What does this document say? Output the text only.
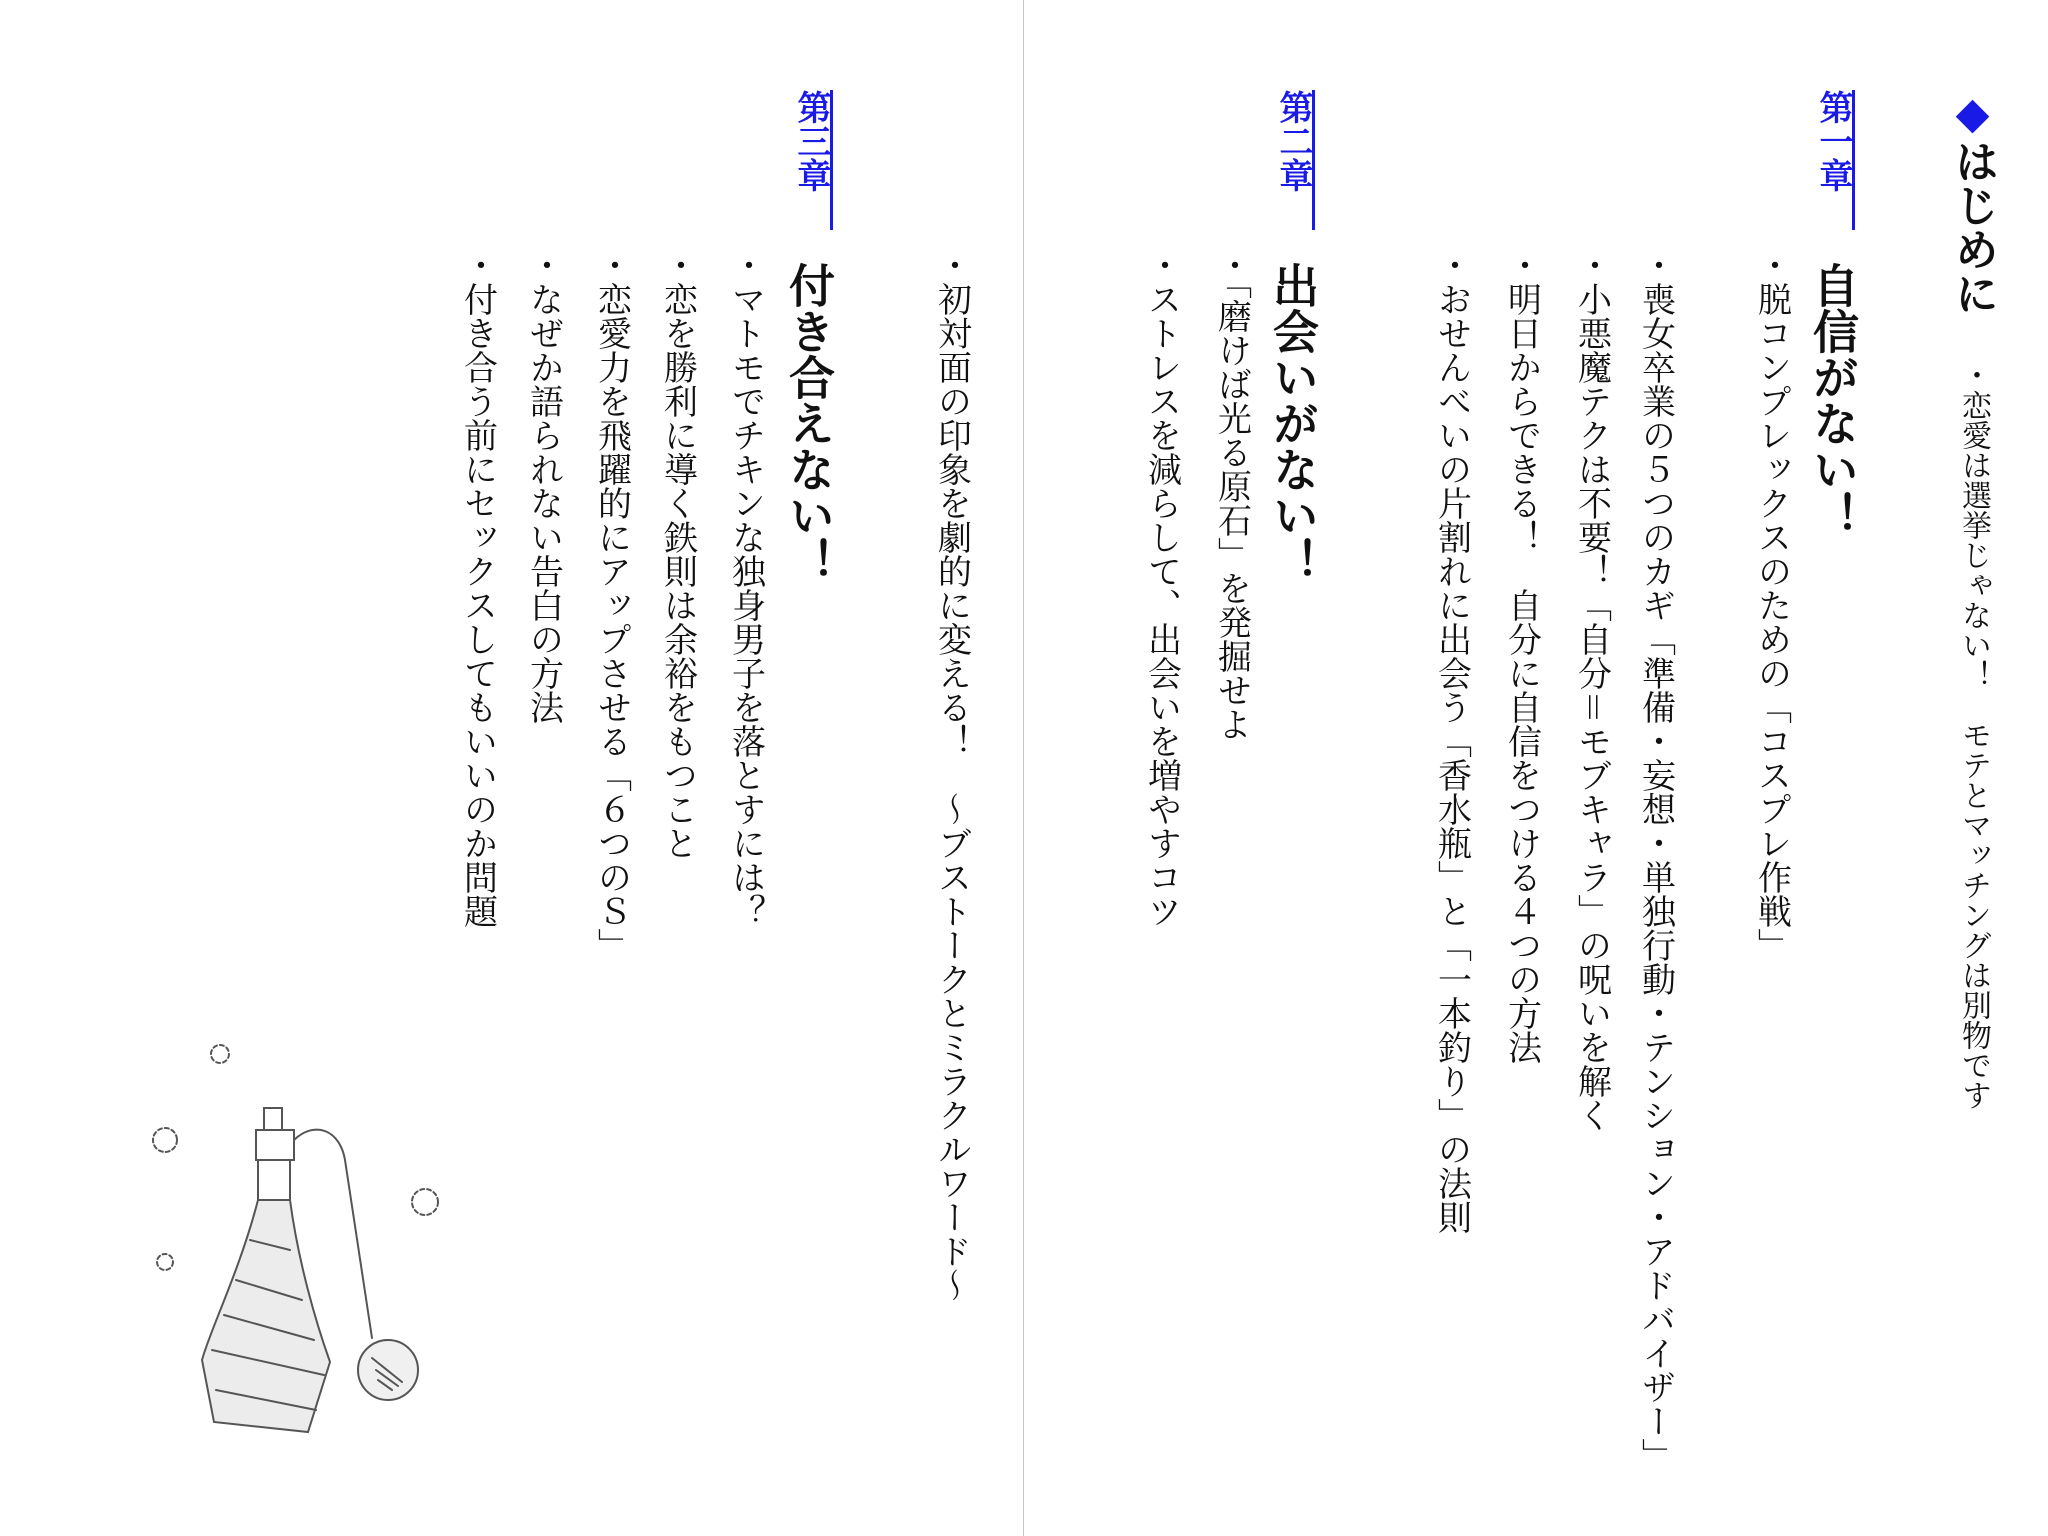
◆はじめに
・恋愛は選挙じゃない！　モテとマッチングは別物です
第一章
自信がない！
・脱コンプレックスのための「コスプレ作戦」
・喪女卒業の５つのカギ「準備・妄想・単独行動・テンション・アドバイザー」
・小悪魔テクは不要！「自分＝モブキャラ」の呪いを解く
・明日からできる！　自分に自信をつける４つの方法
・おせんべいの片割れに出会う「香水瓶」と「一本釣り」の法則
第二章
出会いがない！
・「磨けば光る原石」を発掘せよ
・ストレスを減らして、出会いを増やすコツ
・初対面の印象を劇的に変える！　～ブストークとミラクルワード～
第三章
付き合えない！
・マトモでチキンな独身男子を落とすには？
・恋を勝利に導く鉄則は余裕をもつこと
・恋愛力を飛躍的にアップさせる「６つのＳ」
・なぜか語られない告白の方法
・付き合う前にセックスしてもいいのか問題
